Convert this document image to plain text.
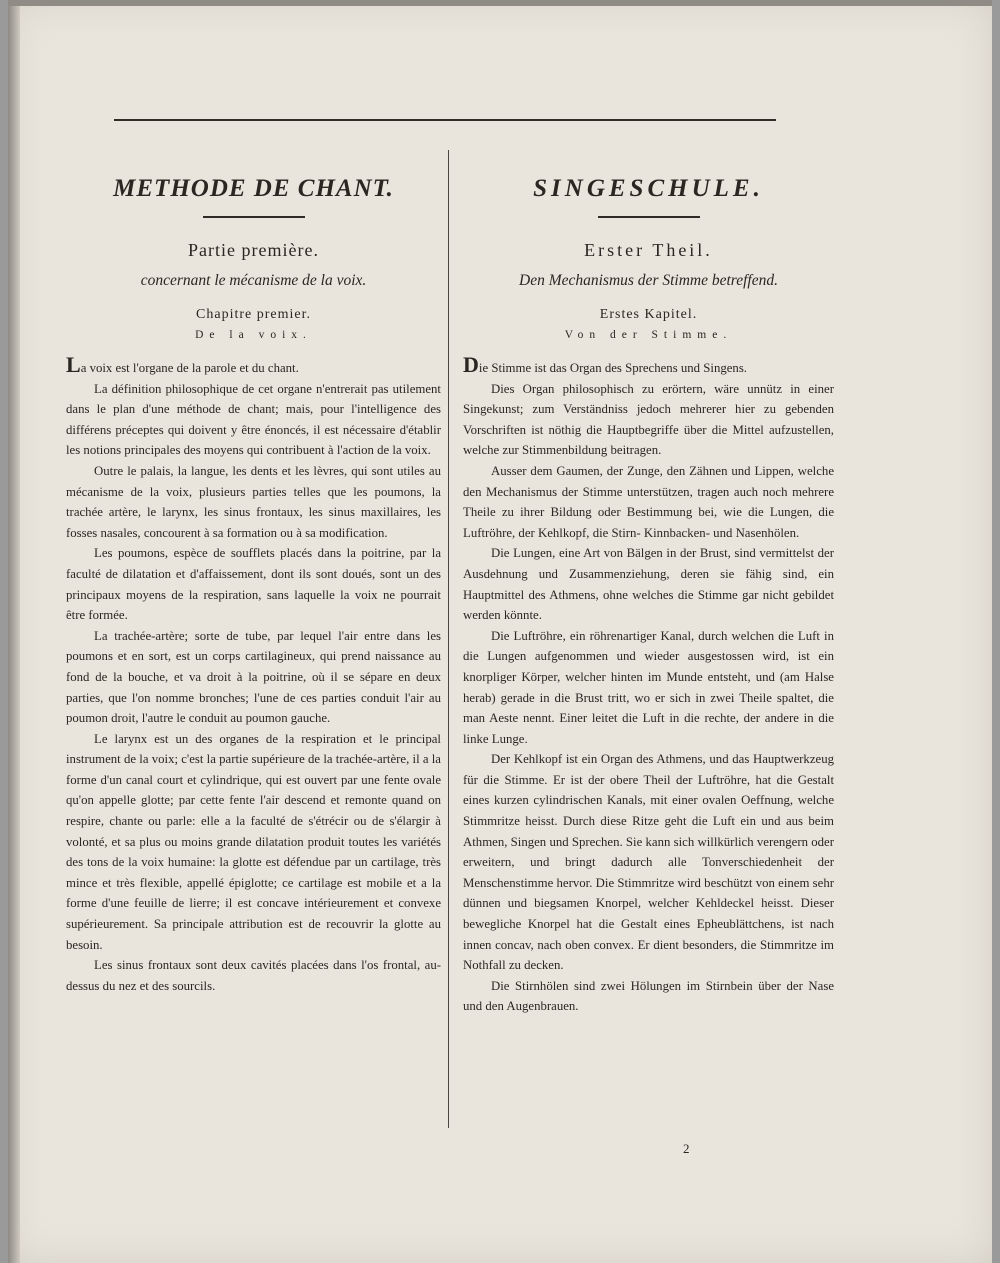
METHODE DE CHANT.
Partie première.
concernant le mécanisme de la voix.
Chapitre premier.
De la voix.

La voix est l'organe de la parole et du chant.

La définition philosophique de cet organe n'entrerait pas utilement dans le plan d'une méthode de chant; mais, pour l'intelligence des différens préceptes qui doivent y être énoncés, il est nécessaire d'établir les notions principales des moyens qui contribuent à l'action de la voix.

Outre le palais, la langue, les dents et les lèvres, qui sont utiles au mécanisme de la voix, plusieurs parties telles que les poumons, la trachée artère, le larynx, les sinus frontaux, les sinus maxillaires, les fosses nasales, concourent à sa formation ou à sa modification.

Les poumons, espèce de soufflets placés dans la poitrine, par la faculté de dilatation et d'affaissement, dont ils sont doués, sont un des principaux moyens de la respiration, sans laquelle la voix ne pourrait être formée.

La trachée-artère; sorte de tube, par lequel l'air entre dans les poumons et en sort, est un corps cartilagineux, qui prend naissance au fond de la bouche, et va droit à la poitrine, où il se sépare en deux parties, que l'on nomme bronches; l'une de ces parties conduit l'air au poumon droit, l'autre le conduit au poumon gauche.

Le larynx est un des organes de la respiration et le principal instrument de la voix; c'est la partie supérieure de la trachée-artère, il a la forme d'un canal court et cylindrique, qui est ouvert par une fente ovale qu'on appelle glotte; par cette fente l'air descend et remonte quand on respire, chante ou parle: elle a la faculté de s'étrécir ou de s'élargir à volonté, et sa plus ou moins grande dilatation produit toutes les variétés des tons de la voix humaine: la glotte est défendue par un cartilage, très mince et très flexible, appellé épiglotte; ce cartilage est mobile et a la forme d'une feuille de lierre; il est concave intérieurement et convexe supérieurement. Sa principale attribution est de recouvrir la glotte au besoin.

Les sinus frontaux sont deux cavités placées dans l'os frontal, au-dessus du nez et des sourcils.

SINGESCHULE.
Erster Theil.
Den Mechanismus der Stimme betreffend.
Erstes Kapitel.
Von der Stimme.

Die Stimme ist das Organ des Sprechens und Singens.

Dies Organ philosophisch zu erörtern, wäre unnütz in einer Singekunst; zum Verständniss jedoch mehrerer hier zu gebenden Vorschriften ist nöthig die Hauptbegriffe über die Mittel aufzustellen, welche zur Stimmenbildung beitragen.

Ausser dem Gaumen, der Zunge, den Zähnen und Lippen, welche den Mechanismus der Stimme unterstützen, tragen auch noch mehrere Theile zu ihrer Bildung oder Bestimmung bei, wie die Lungen, die Luftröhre, der Kehlkopf, die Stirn- Kinnbacken- und Nasenhölen.

Die Lungen, eine Art von Bälgen in der Brust, sind vermittelst der Ausdehnung und Zusammenziehung, deren sie fähig sind, ein Hauptmittel des Athmens, ohne welches die Stimme gar nicht gebildet werden könnte.

Die Luftröhre, ein röhrenartiger Kanal, durch welchen die Luft in die Lungen aufgenommen und wieder ausgestossen wird, ist ein knorpliger Körper, welcher hinten im Munde entsteht, und (am Halse herab) gerade in die Brust tritt, wo er sich in zwei Theile spaltet, die man Aeste nennt. Einer leitet die Luft in die rechte, der andere in die linke Lunge.

Der Kehlkopf ist ein Organ des Athmens, und das Hauptwerkzeug für die Stimme. Er ist der obere Theil der Luftröhre, hat die Gestalt eines kurzen cylindrischen Kanals, mit einer ovalen Oeffnung, welche Stimmritze heisst. Durch diese Ritze geht die Luft ein und aus beim Athmen, Singen und Sprechen. Sie kann sich willkürlich verengern oder erweitern, und bringt dadurch alle Tonverschiedenheit der Menschenstimme hervor. Die Stimmritze wird beschützt von einem sehr dünnen und biegsamen Knorpel, welcher Kehldeckel heisst. Dieser bewegliche Knorpel hat die Gestalt eines Epheublättchens, ist nach innen concav, nach oben convex. Er dient besonders, die Stimmritze im Nothfall zu decken.

Die Stirnhölen sind zwei Hölungen im Stirnbein über der Nase und den Augenbrauen.

2
